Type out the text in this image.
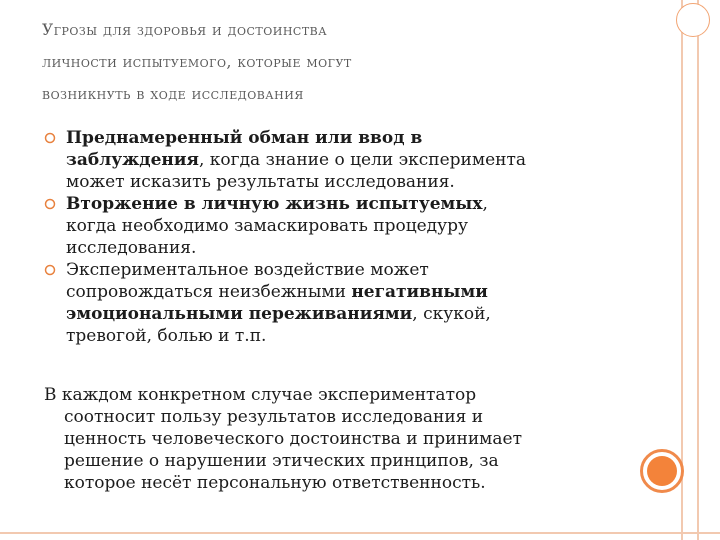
Угрозы для здоровья и достоинства
личности испытуемого, которые могут
возникнуть в ходе исследования
Преднамеренный обман или ввод в
заблуждения, когда знание о цели эксперимента
может исказить результаты исследования.
Вторжение в личную жизнь испытуемых,
когда необходимо замаскировать процедуру
исследования.
Экспериментальное воздействие может
сопровождаться неизбежными негативными
эмоциональными переживаниями, скукой,
тревогой, болью и т.п.
В каждом конкретном случае экспериментатор
соотносит пользу результатов исследования и
ценность человеческого достоинства и принимает
решение о нарушении этических принципов, за
которое несёт персональную ответственность.
